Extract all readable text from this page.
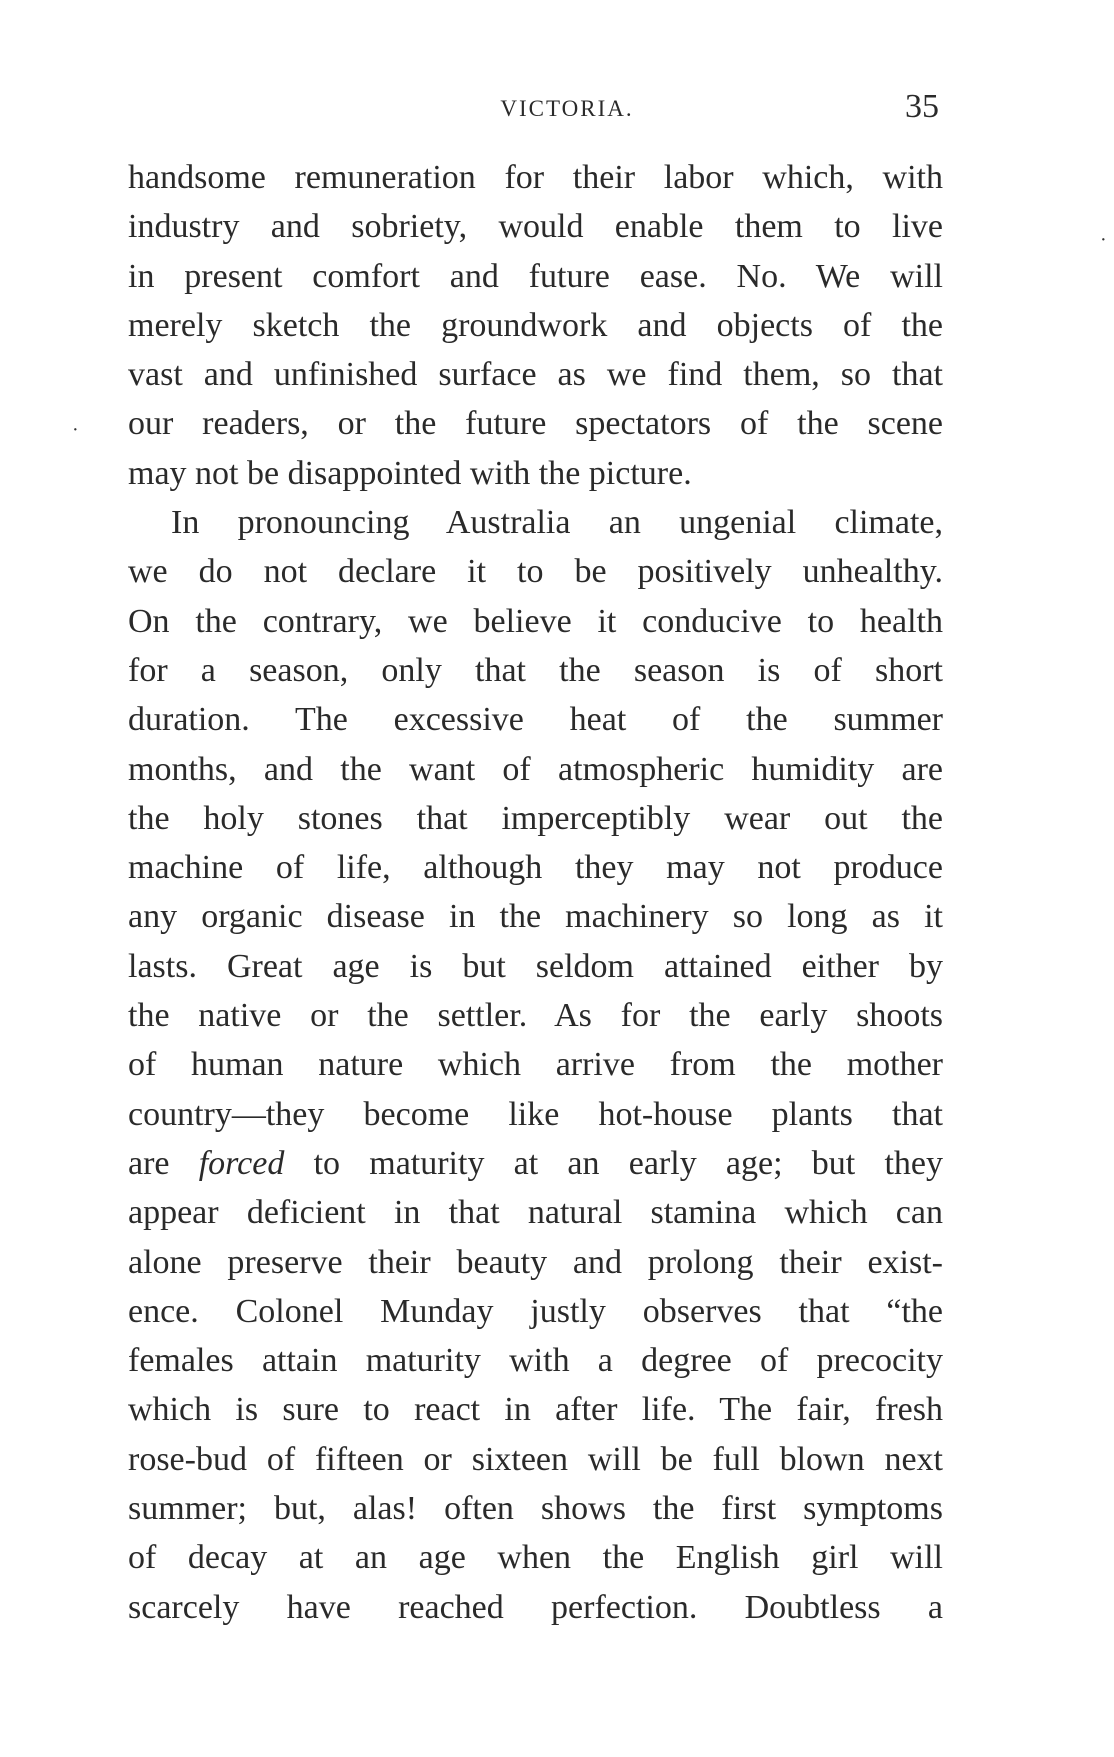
VICTORIA.	35
handsome remuneration for their labor which, with
industry and sobriety, would enable them to live
in present comfort and future ease. No. We will
merely sketch the groundwork and objects of the
vast and unfinished surface as we find them, so that
our readers, or the future spectators of the scene
may not be disappointed with the picture.
In pronouncing Australia an ungenial climate,
we do not declare it to be positively unhealthy.
On the contrary, we believe it conducive to health
for a season, only that the season is of short
duration. The excessive heat of the summer
months, and the want of atmospheric humidity are
the holy stones that imperceptibly wear out the
machine of life, although they may not produce
any organic disease in the machinery so long as it
lasts. Great age is but seldom attained either by
the native or the settler. As for the early shoots
of human nature which arrive from the mother
country—they become like hot-house plants that
are forced to maturity at an early age; but they
appear deficient in that natural stamina which can
alone preserve their beauty and prolong their exist-
ence. Colonel Munday justly observes that “the
females attain maturity with a degree of precocity
which is sure to react in after life. The fair, fresh
rose-bud of fifteen or sixteen will be full blown next
summer; but, alas! often shows the first symptoms
of decay at an age when the English girl will
scarcely have reached perfection. Doubtless a
·
·
